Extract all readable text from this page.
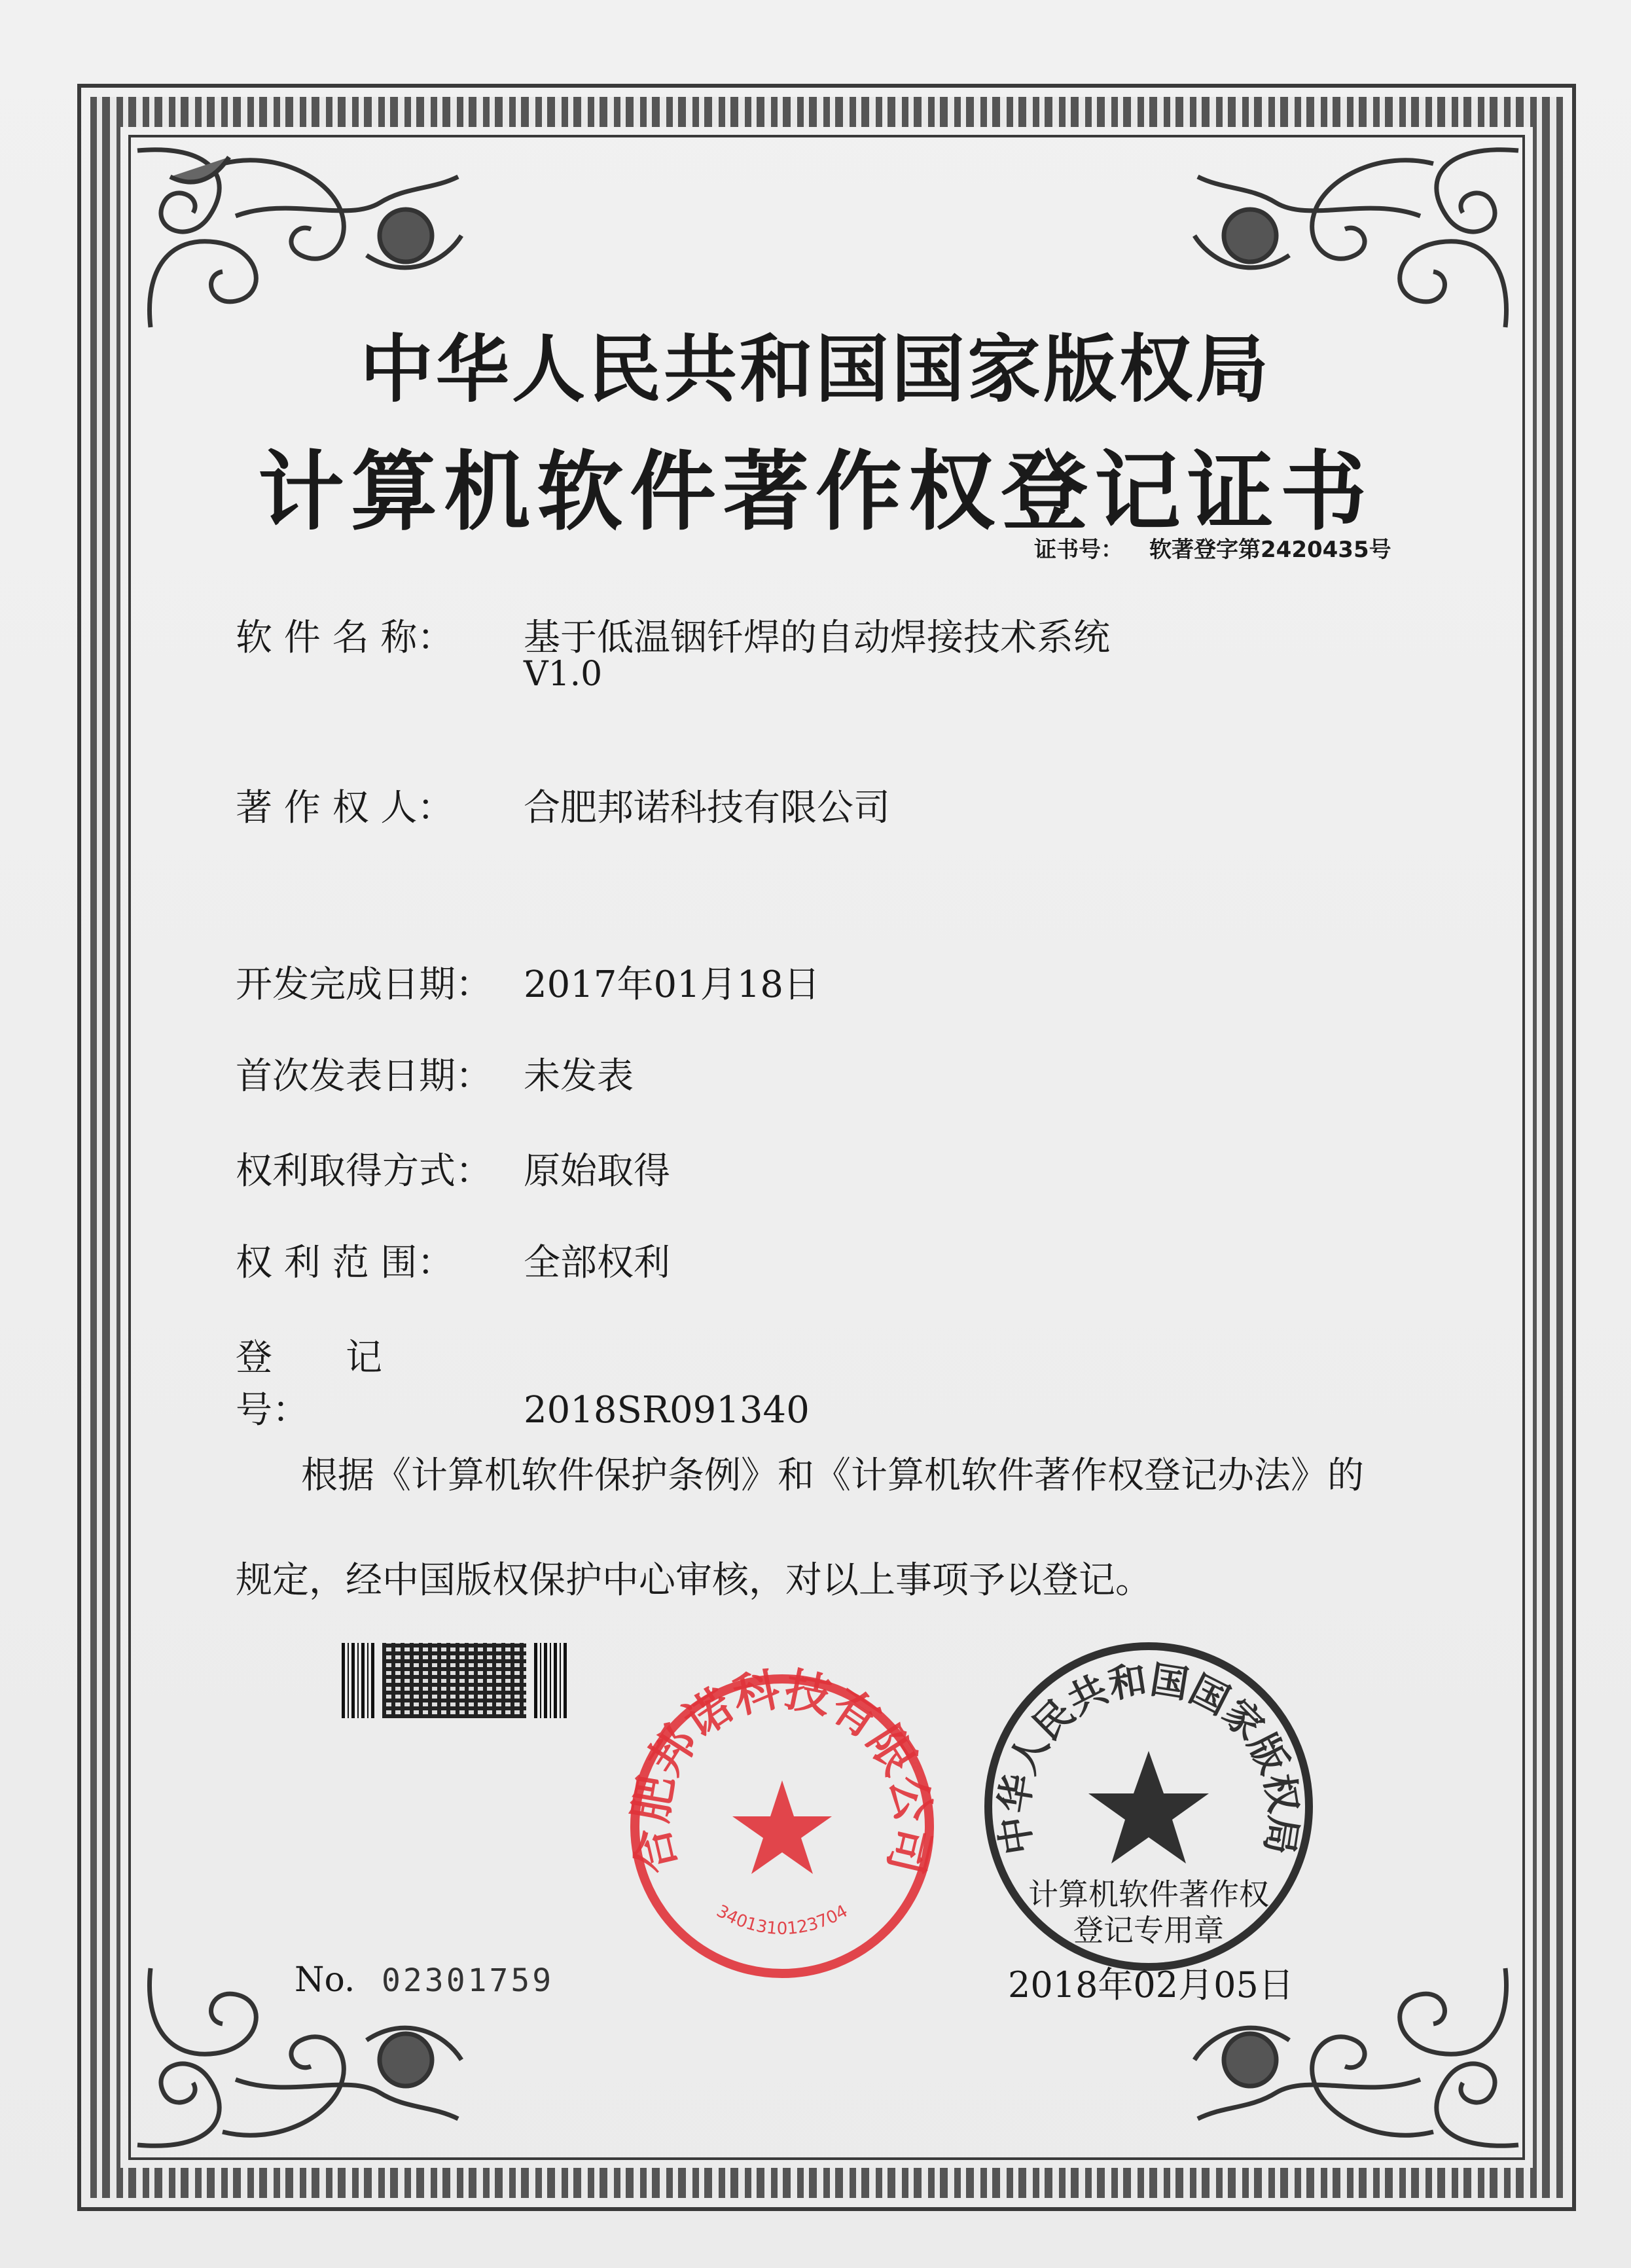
中华人民共和国国家版权局
计算机软件著作权登记证书
证书号： 软著登字第2420435号
软 件 名 称： 基于低温铟钎焊的自动焊接技术系统
V1.0
著 作 权 人： 合肥邦诺科技有限公司
开发完成日期： 2017年01月18日
首次发表日期： 未发表
权利取得方式： 原始取得
权 利 范 围： 全部权利
登　　记　　号：	2018SR091340
根据《计算机软件保护条例》和《计算机软件著作权登记办法》的
规定，经中国版权保护中心审核，对以上事项予以登记。
合肥邦诺科技有限公司
3401310123704
中华人民共和国国家版权局
计算机软件著作权
登记专用章
No. 02301759	2018年02月05日
